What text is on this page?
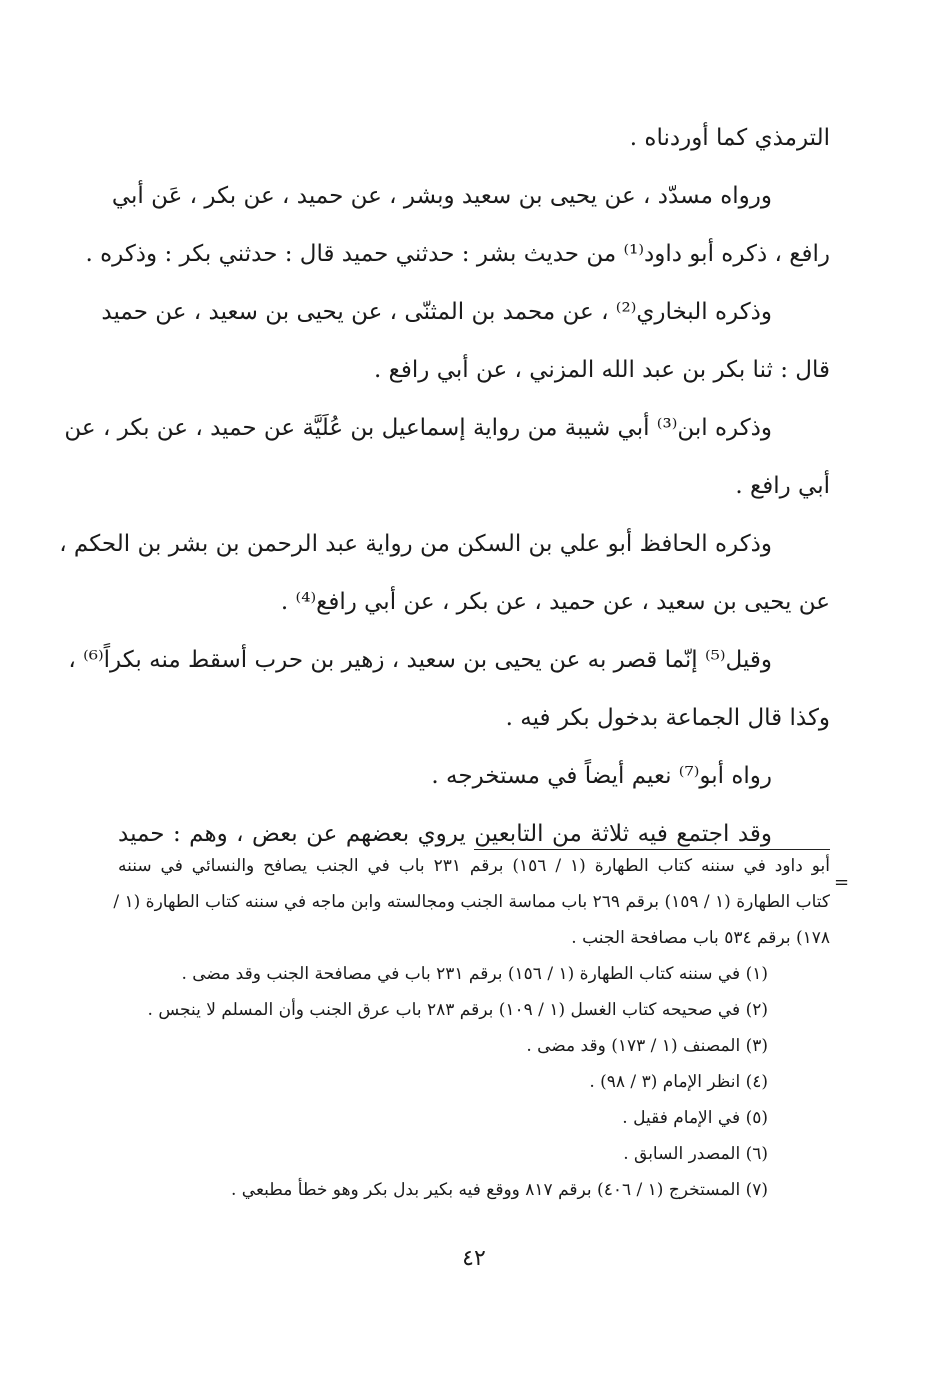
الترمذي كما أوردناه .
ورواه مسدّد ، عن يحيى بن سعيد وبشر ، عن حميد ، عن بكر ، عَن أبي
رافع ، ذكره أبو داود⁽¹⁾ من حديث بشر : حدثني حميد قال : حدثني بكر : وذكره .
وذكره البخاري⁽²⁾ ، عن محمد بن المثنّى ، عن يحيى بن سعيد ، عن حميد
قال : ثنا بكر بن عبد الله المزني ، عن أبي رافع .
وذكره ابن⁽³⁾ أبي شيبة من رواية إسماعيل بن عُلَيَّة عن حميد ، عن بكر ، عن
أبي رافع .
وذكره الحافظ أبو علي بن السكن من رواية عبد الرحمن بن بشر بن الحكم ،
عن يحيى بن سعيد ، عن حميد ، عن بكر ، عن أبي رافع⁽⁴⁾ .
وقيل⁽⁵⁾ إنّما قصر به عن يحيى بن سعيد ، زهير بن حرب أسقط منه بكراً⁽⁶⁾ ،
وكذا قال الجماعة بدخول بكر فيه .
رواه أبو⁽⁷⁾ نعيم أيضاً في مستخرجه .
وقد اجتمع فيه ثلاثة من التابعين يروي بعضهم عن بعض ، وهم : حميد
=
أبو داود في سننه كتاب الطهارة (١ / ١٥٦) برقم ٢٣١ باب في الجنب يصافح والنسائي في سننه
كتاب الطهارة (١ / ١٥٩) برقم ٢٦٩ باب مماسة الجنب ومجالسته وابن ماجه في سننه كتاب الطهارة (١ /
١٧٨) برقم ٥٣٤ باب مصافحة الجنب .
(١) في سننه كتاب الطهارة (١ / ١٥٦) برقم ٢٣١ باب في مصافحة الجنب وقد مضى .
(٢) في صحيحه كتاب الغسل (١ / ١٠٩) برقم ٢٨٣ باب عرق الجنب وأن المسلم لا ينجس .
(٣) المصنف (١ / ١٧٣) وقد مضى .
(٤) انظر الإمام (٣ / ٩٨) .
(٥) في الإمام فقيل .
(٦) المصدر السابق .
(٧) المستخرج (١ / ٤٠٦) برقم ٨١٧ ووقع فيه بكير بدل بكر وهو خطأ مطبعي .
٤٢
